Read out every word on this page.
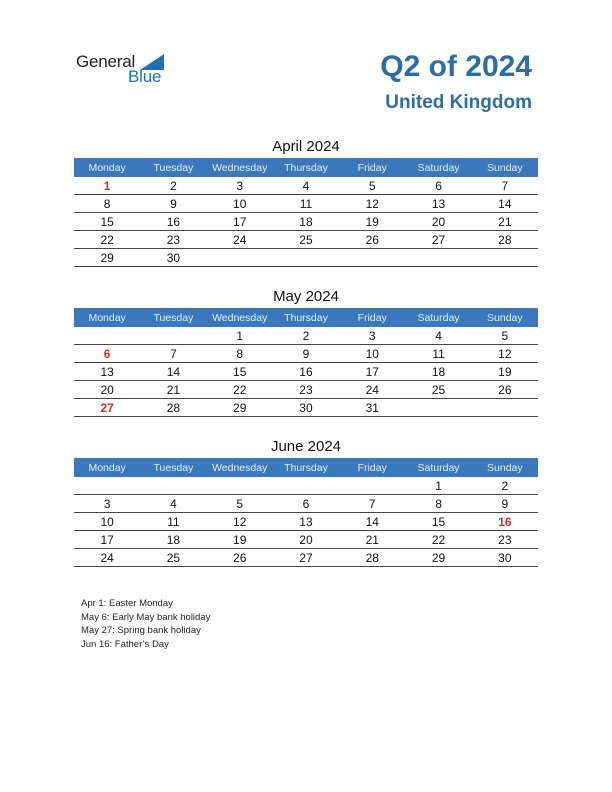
General
Blue	Q2 of 2024
United Kingdom
April 2024
Monday	Tuesday	Wednesday	Thursday	Friday	Saturday	Sunday
1	2	3	4	5	6	7
8	9	10	11	12	13	14
15	16	17	18	19	20	21
22	23	24	25	26	27	28
29	30					
May 2024
Monday	Tuesday	Wednesday	Thursday	Friday	Saturday	Sunday
		1	2	3	4	5
6	7	8	9	10	11	12
13	14	15	16	17	18	19
20	21	22	23	24	25	26
27	28	29	30	31		
June 2024
Monday	Tuesday	Wednesday	Thursday	Friday	Saturday	Sunday
					1	2
3	4	5	6	7	8	9
10	11	12	13	14	15	16
17	18	19	20	21	22	23
24	25	26	27	28	29	30
Apr 1: Easter Monday
May 6: Early May bank holiday
May 27: Spring bank holiday
Jun 16: Father’s Day
